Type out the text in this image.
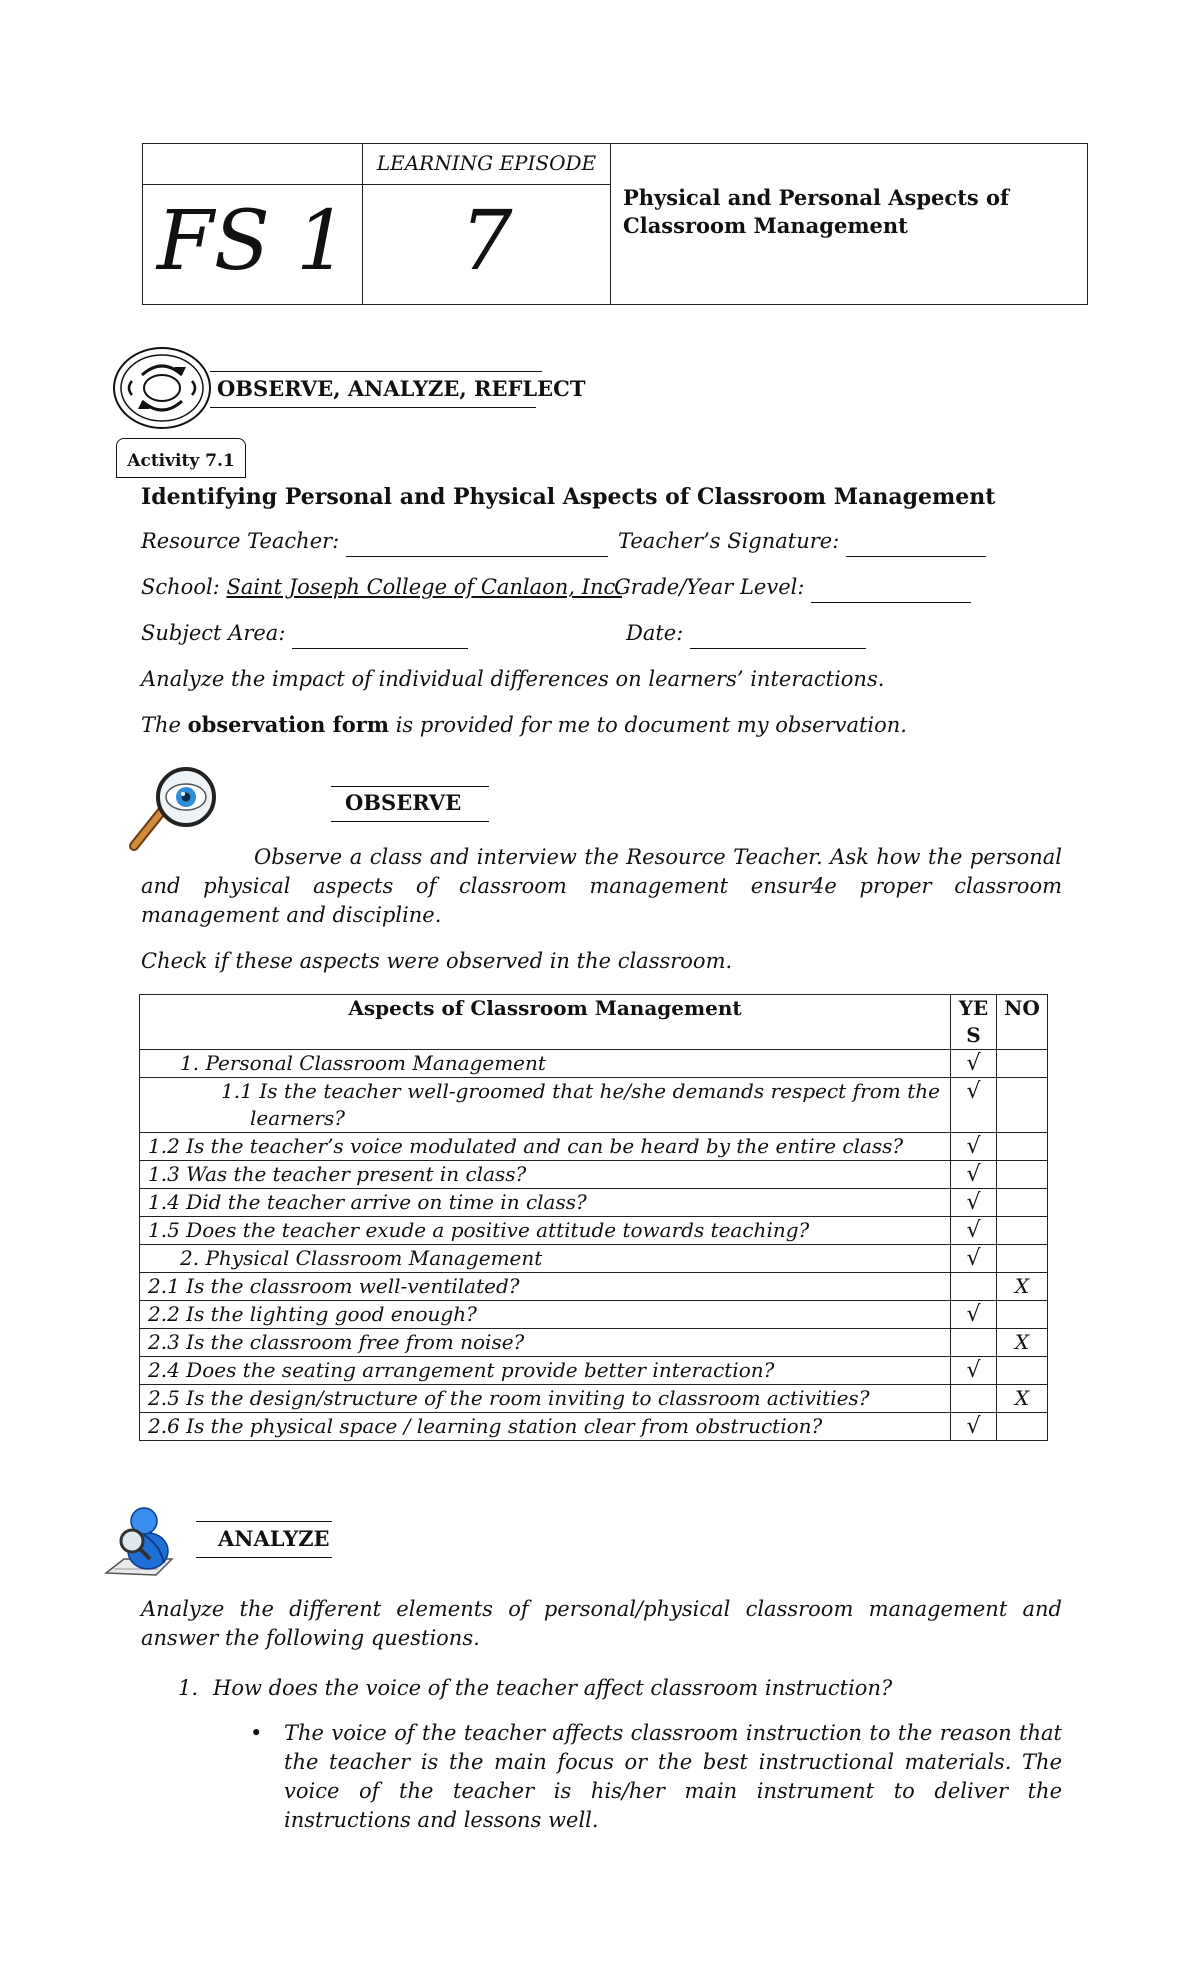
FS 1
LEARNING EPISODE
7	Physical and Personal Aspects of Classroom Management
OBSERVE, ANALYZE, REFLECT
Activity 7.1
Identifying Personal and Physical Aspects of Classroom Management
Resource Teacher:	Teacher’s Signature:
School: Saint Joseph College of Canlaon, Inc.
Grade/Year Level:
Subject Area:	Date:
Analyze the impact of individual differences on learners’ interactions.
The observation form is provided for me to document my observation.
OBSERVE
Observe a class and interview the Resource Teacher. Ask how the personal and physical aspects of classroom management ensur4e proper classroom management and discipline.
Check if these aspects were observed in the classroom.
Aspects of Classroom Management	YES	NO
1. Personal Classroom Management	√	
1.1 Is the teacher well-groomed that he/she demands respect from the learners?	√	
1.2 Is the teacher’s voice modulated and can be heard by the entire class?	√	
1.3 Was the teacher present in class?	√	
1.4 Did the teacher arrive on time in class?	√	
1.5 Does the teacher exude a positive attitude towards teaching?	√	
2. Physical Classroom Management	√	
2.1 Is the classroom well-ventilated?		X
2.2 Is the lighting good enough?	√	
2.3 Is the classroom free from noise?		X
2.4 Does the seating arrangement provide better interaction?	√	
2.5 Is the design/structure of the room inviting to classroom activities?		X
2.6 Is the physical space / learning station clear from obstruction?	√	
ANALYZE
Analyze the different elements of personal/physical classroom management and answer the following questions.
1. How does the voice of the teacher affect classroom instruction?
• The voice of the teacher affects classroom instruction to the reason that the teacher is the main focus or the best instructional materials. The voice of the teacher is his/her main instrument to deliver the instructions and lessons well.
